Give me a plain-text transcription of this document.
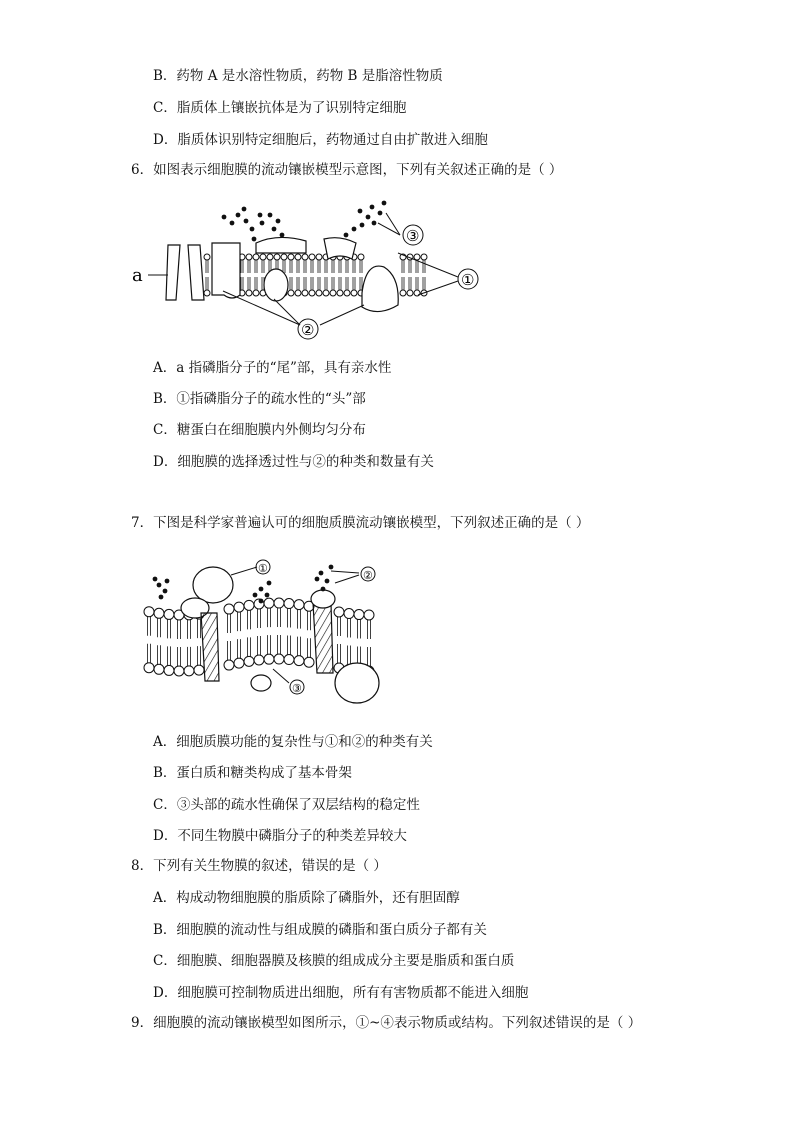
B．药物 A 是水溶性物质，药物 B 是脂溶性物质
C．脂质体上镶嵌抗体是为了识别特定细胞
D．脂质体识别特定细胞后，药物通过自由扩散进入细胞
6．如图表示细胞膜的流动镶嵌模型示意图，下列有关叙述正确的是（ ）
a	①
③
②
A．a 指磷脂分子的“尾”部，具有亲水性
B．①指磷脂分子的疏水性的“头”部
C．糖蛋白在细胞膜内外侧均匀分布
D．细胞膜的选择透过性与②的种类和数量有关
7．下图是科学家普遍认可的细胞质膜流动镶嵌模型，下列叙述正确的是（ ）
①
②
③
A．细胞质膜功能的复杂性与①和②的种类有关
B．蛋白质和糖类构成了基本骨架
C．③头部的疏水性确保了双层结构的稳定性
D．不同生物膜中磷脂分子的种类差异较大
8．下列有关生物膜的叙述，错误的是（ ）
A．构成动物细胞膜的脂质除了磷脂外，还有胆固醇
B．细胞膜的流动性与组成膜的磷脂和蛋白质分子都有关
C．细胞膜、细胞器膜及核膜的组成成分主要是脂质和蛋白质
D．细胞膜可控制物质进出细胞，所有有害物质都不能进入细胞
9．细胞膜的流动镶嵌模型如图所示，①~④表示物质或结构。下列叙述错误的是（ ）
